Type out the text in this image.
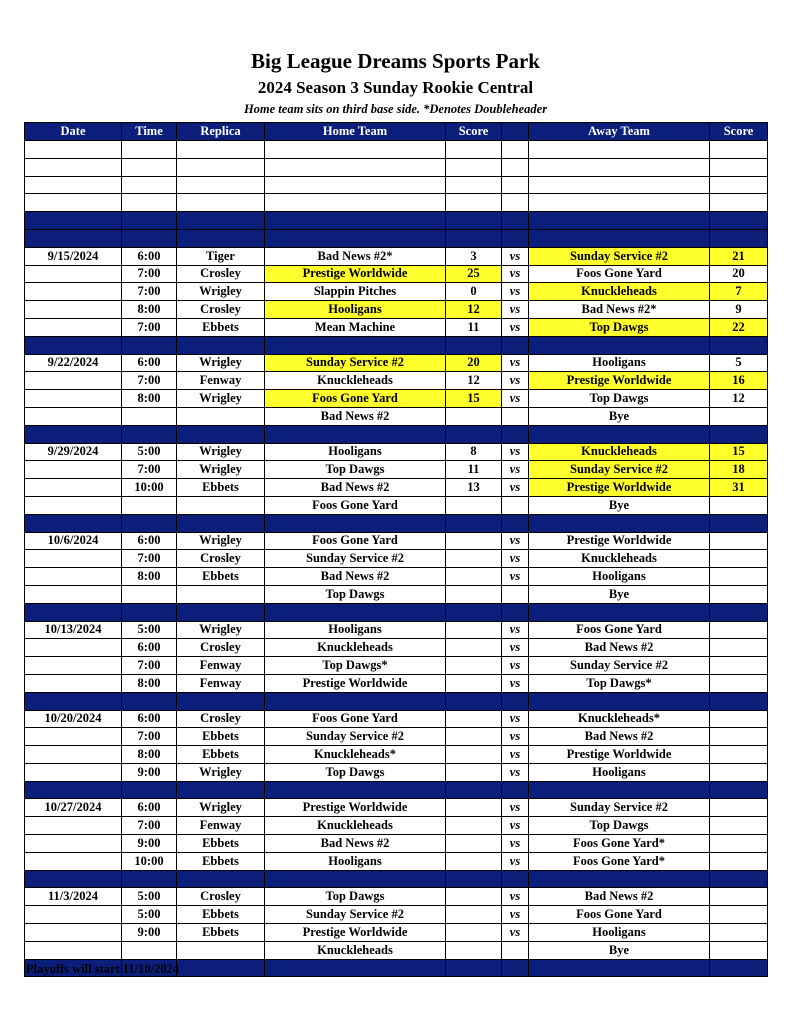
Big League Dreams Sports Park
2024 Season 3 Sunday Rookie Central
Home team sits on third base side. *Denotes Doubleheader
Date	Time	Replica	Home Team	Score		Away Team	Score

9/15/2024	6:00	Tiger	Bad News #2*	3	vs	Sunday Service #2	21
	7:00	Crosley	Prestige Worldwide	25	vs	Foos Gone Yard	20
	7:00	Wrigley	Slappin Pitches	0	vs	Knuckleheads	7
	8:00	Crosley	Hooligans	12	vs	Bad News #2*	9
	7:00	Ebbets	Mean Machine	11	vs	Top Dawgs	22

9/22/2024	6:00	Wrigley	Sunday Service #2	20	vs	Hooligans	5
	7:00	Fenway	Knuckleheads	12	vs	Prestige Worldwide	16
	8:00	Wrigley	Foos Gone Yard	15	vs	Top Dawgs	12
			Bad News #2			Bye	

9/29/2024	5:00	Wrigley	Hooligans	8	vs	Knuckleheads	15
	7:00	Wrigley	Top Dawgs	11	vs	Sunday Service #2	18
	10:00	Ebbets	Bad News #2	13	vs	Prestige Worldwide	31
			Foos Gone Yard			Bye	

10/6/2024	6:00	Wrigley	Foos Gone Yard		vs	Prestige Worldwide	
	7:00	Crosley	Sunday Service #2		vs	Knuckleheads	
	8:00	Ebbets	Bad News #2		vs	Hooligans	
			Top Dawgs			Bye	

10/13/2024	5:00	Wrigley	Hooligans		vs	Foos Gone Yard	
	6:00	Crosley	Knuckleheads		vs	Bad News #2	
	7:00	Fenway	Top Dawgs*		vs	Sunday Service #2	
	8:00	Fenway	Prestige Worldwide		vs	Top Dawgs*	

10/20/2024	6:00	Crosley	Foos Gone Yard		vs	Knuckleheads*	
	7:00	Ebbets	Sunday Service #2		vs	Bad News #2	
	8:00	Ebbets	Knuckleheads*		vs	Prestige Worldwide	
	9:00	Wrigley	Top Dawgs		vs	Hooligans	

10/27/2024	6:00	Wrigley	Prestige Worldwide		vs	Sunday Service #2	
	7:00	Fenway	Knuckleheads		vs	Top Dawgs	
	9:00	Ebbets	Bad News #2		vs	Foos Gone Yard*	
	10:00	Ebbets	Hooligans		vs	Foos Gone Yard*	

11/3/2024	5:00	Crosley	Top Dawgs		vs	Bad News #2	
	5:00	Ebbets	Sunday Service #2		vs	Foos Gone Yard	
	9:00	Ebbets	Prestige Worldwide		vs	Hooligans	
			Knuckleheads			Bye	

Playoffs will start 11/10/2024
